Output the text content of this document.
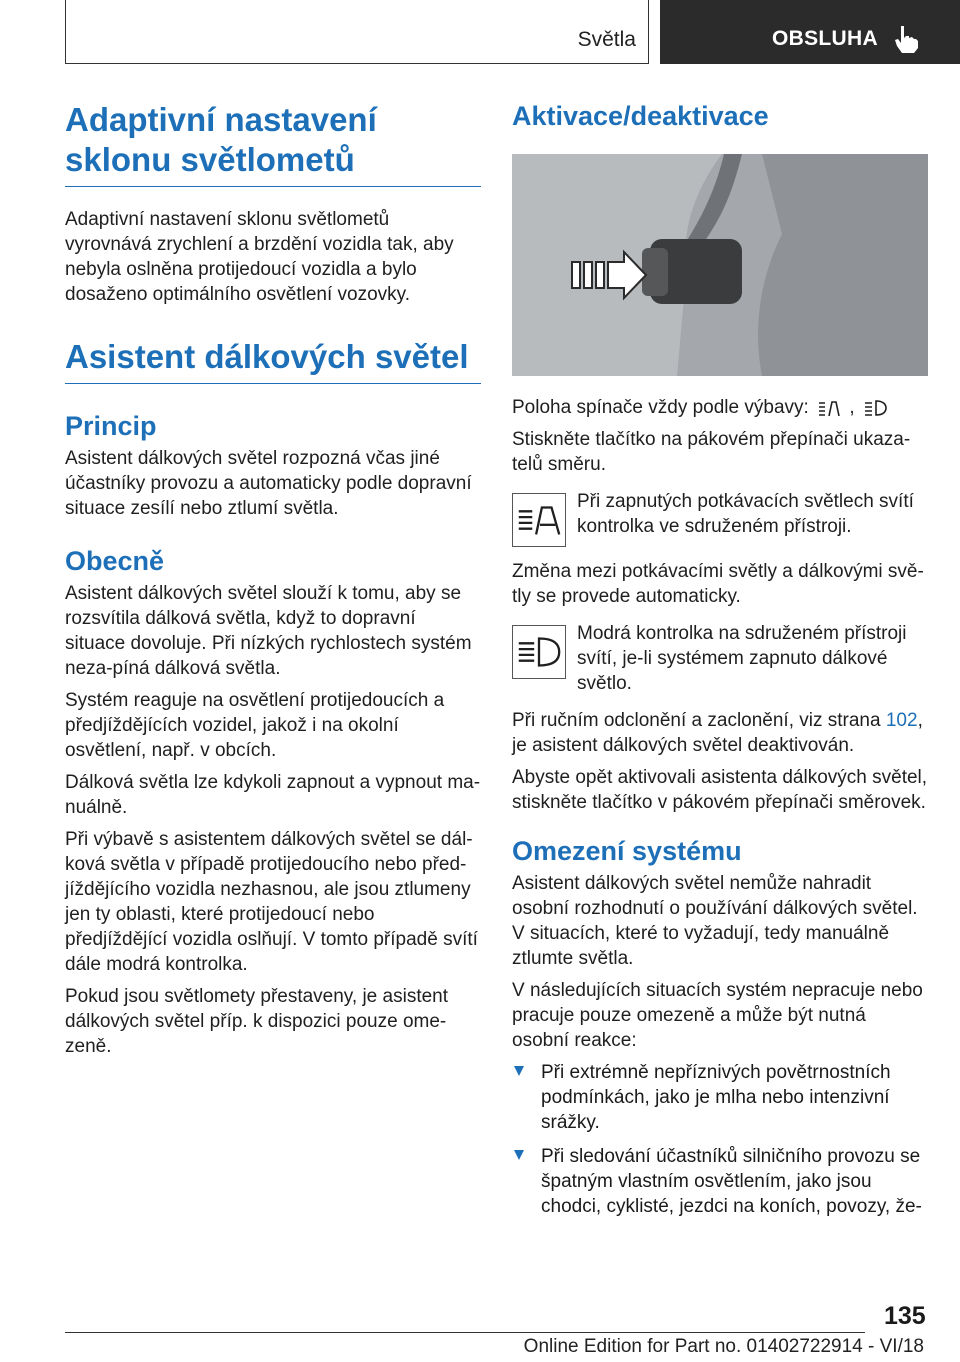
Světla	OBSLUHA
Adaptivní nastavení sklonu světlometů

Adaptivní nastavení sklonu světlometů vyrovnává zrychlení a brzdění vozidla tak, aby nebyla oslněna protijedoucí vozidla a bylo dosaženo optimálního osvětlení vozovky.

Asistent dálkových světel
Princip

Asistent dálkových světel rozpozná včas jiné účastníky provozu a automaticky podle dopravní situace zesílí nebo ztlumí světla.

Obecně

Asistent dálkových světel slouží k tomu, aby se rozsvítila dálková světla, když to dopravní situace dovoluje. Při nízkých rychlostech systém neza-píná dálková světla.

Systém reaguje na osvětlení protijedoucích a předjíždějících vozidel, jakož i na okolní osvětlení, např. v obcích.

Dálková světla lze kdykoli zapnout a vypnout ma-nuálně.

Při výbavě s asistentem dálkových světel se dál-ková světla v případě protijedoucího nebo před-jíždějícího vozidla nezhasnou, ale jsou ztlumeny jen ty oblasti, které protijedoucí nebo předjíždějící vozidla oslňují. V tomto případě svítí dále modrá kontrolka.

Pokud jsou světlomety přestaveny, je asistent dálkových světel příp. k dispozici pouze ome-zeně.

Aktivace/deaktivace

Poloha spínače vždy podle výbavy: ,

Stiskněte tlačítko na pákovém přepínači ukaza-telů směru.

Při zapnutých potkávacích světlech svítí kontrolka ve sdruženém přístroji.

Změna mezi potkávacími světly a dálkovými svě-tly se provede automaticky.

Modrá kontrolka na sdruženém přístroji svítí, je-li systémem zapnuto dálkové světlo.

Při ručním odclonění a zaclonění, viz strana 102, je asistent dálkových světel deaktivován.

Abyste opět aktivovali asistenta dálkových světel, stiskněte tlačítko v pákovém přepínači směrovek.

Omezení systému

Asistent dálkových světel nemůže nahradit osobní rozhodnutí o používání dálkových světel. V situacích, které to vyžadují, tedy manuálně ztlumte světla.

V následujících situacích systém nepracuje nebo pracuje pouze omezeně a může být nutná osobní reakce:

Při extrémně nepříznivých povětrnostních podmínkách, jako je mlha nebo intenzivní srážky.
Při sledování účastníků silničního provozu se špatným vlastním osvětlením, jako jsou chodci, cyklisté, jezdci na koních, povozy, že-
135
Online Edition for Part no. 01402722914 - VI/18
